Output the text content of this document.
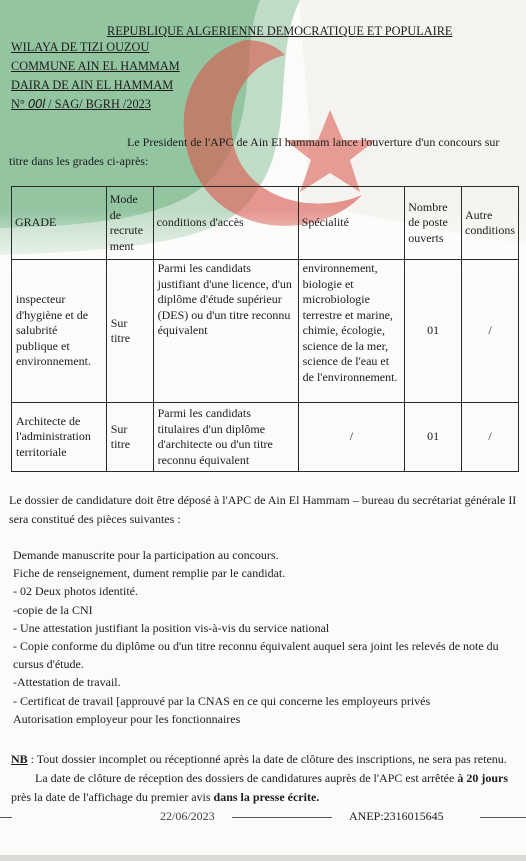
REPUBLIQUE ALGERIENNE DEMOCRATIQUE ET POPULAIRE
WILAYA DE TIZI OUZOU
COMMUNE AIN EL HAMMAM
DAIRA DE AIN EL HAMMAM
N° 00l / SAG/ BGRH /2023
Le President de l'APC de Ain El hammam lance l'ouverture d'un concours sur titre dans les grades ci-après:
GRADE	Mode de recrute ment	conditions d'accès	Spécialité	Nombre de poste ouverts	Autre conditions
inspecteur d'hygiène et de salubrité publique et environnement.	Sur titre	Parmi les candidats justifiant d'une licence, d'un diplôme d'étude supérieur (DES) ou d'un titre reconnu équivalent	environnement, biologie et microbiologie terrestre et marine, chimie, écologie, science de la mer, science de l'eau et de l'environnement.	01	/
Architecte de l'administration territoriale	Sur titre	Parmi les candidats titulaires d'un diplôme d'architecte ou d'un titre reconnu équivalent	/	01	/
Le dossier de candidature doit être déposé à l'APC de Ain El Hammam – bureau du secrétariat générale II sera constitué des pièces suivantes :
Demande manuscrite pour la participation au concours.
Fiche de renseignement, dument remplie par le candidat.
- 02 Deux photos identité.
-copie de la CNI
- Une attestation justifiant la position vis-à-vis du service national
- Copie conforme du diplôme ou d'un titre reconnu équivalent auquel sera joint les relevés de note du cursus d'étude.
-Attestation de travail.
- Certificat de travail [approuvé par la CNAS en ce qui concerne les employeurs privés
Autorisation employeur pour les fonctionnaires
NB : Tout dossier incomplet ou réceptionné après la date de clôture des inscriptions, ne sera pas retenu.
La date de clôture de réception des dossiers de candidatures auprès de l'APC est arrêtée à 20 jours
près la date de l'affichage du premier avis dans la presse écrite.
22/06/2023	ANEP:2316015645
